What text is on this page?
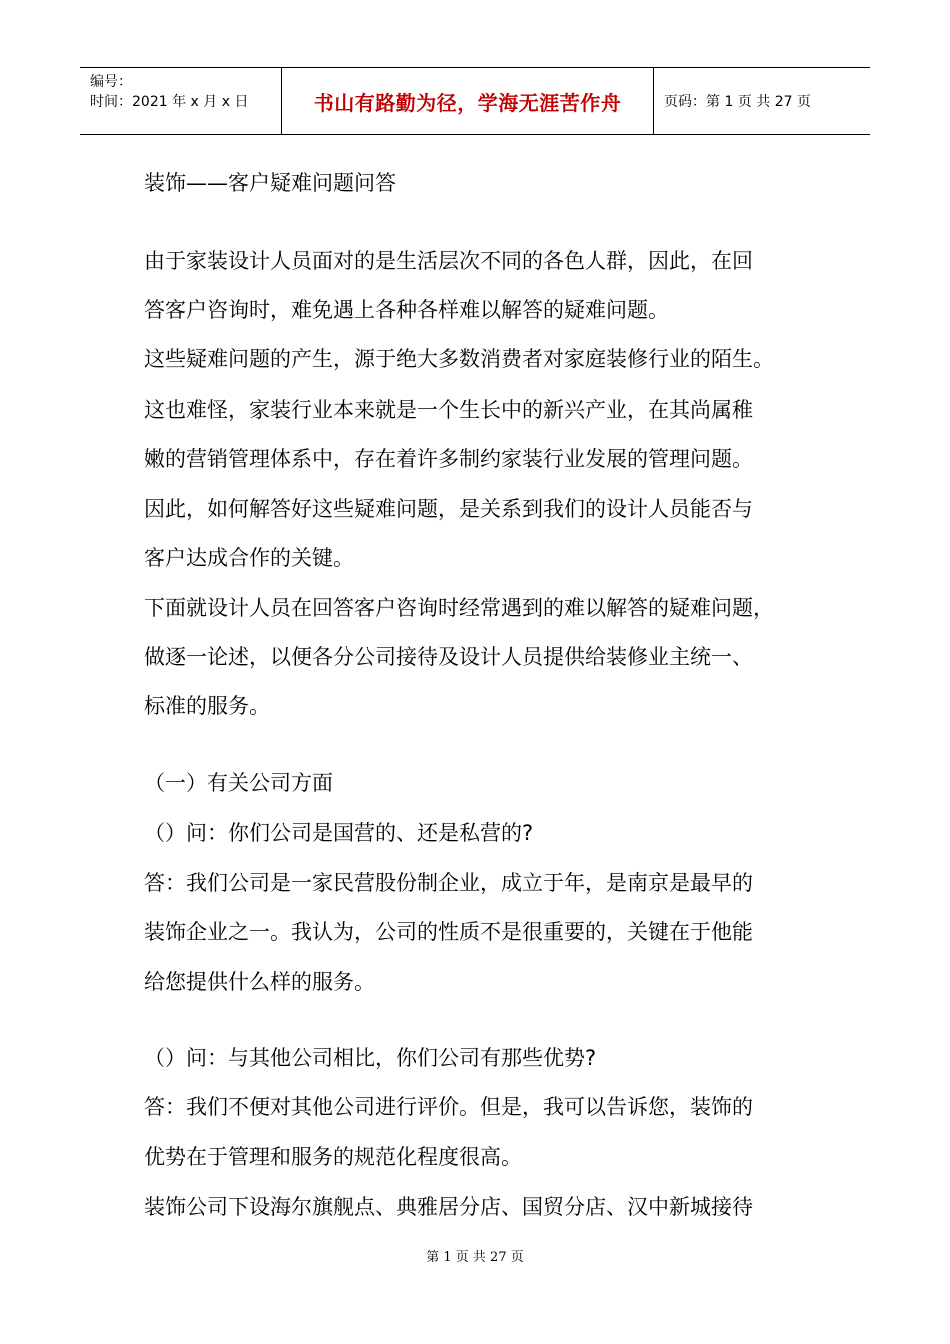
编号：
时间：2021 年 x 月 x 日	书山有路勤为径，学海无涯苦作舟	页码：第 1 页 共 27 页
装饰——客户疑难问题问答
由于家装设计人员面对的是生活层次不同的各色人群，因此，在回
答客户咨询时，难免遇上各种各样难以解答的疑难问题。
这些疑难问题的产生，源于绝大多数消费者对家庭装修行业的陌生。
这也难怪，家装行业本来就是一个生长中的新兴产业，在其尚属稚
嫩的营销管理体系中，存在着许多制约家装行业发展的管理问题。
因此，如何解答好这些疑难问题，是关系到我们的设计人员能否与
客户达成合作的关键。
下面就设计人员在回答客户咨询时经常遇到的难以解答的疑难问题，
做逐一论述，以便各分公司接待及设计人员提供给装修业主统一、
标准的服务。
（一）有关公司方面
（）问：你们公司是国营的、还是私营的?
答：我们公司是一家民营股份制企业，成立于年，是南京是最早的
装饰企业之一。我认为，公司的性质不是很重要的，关键在于他能
给您提供什么样的服务。
（）问：与其他公司相比，你们公司有那些优势?
答：我们不便对其他公司进行评价。但是，我可以告诉您，装饰的
优势在于管理和服务的规范化程度很高。
装饰公司下设海尔旗舰点、典雅居分店、国贸分店、汉中新城接待
第 1 页 共 27 页
